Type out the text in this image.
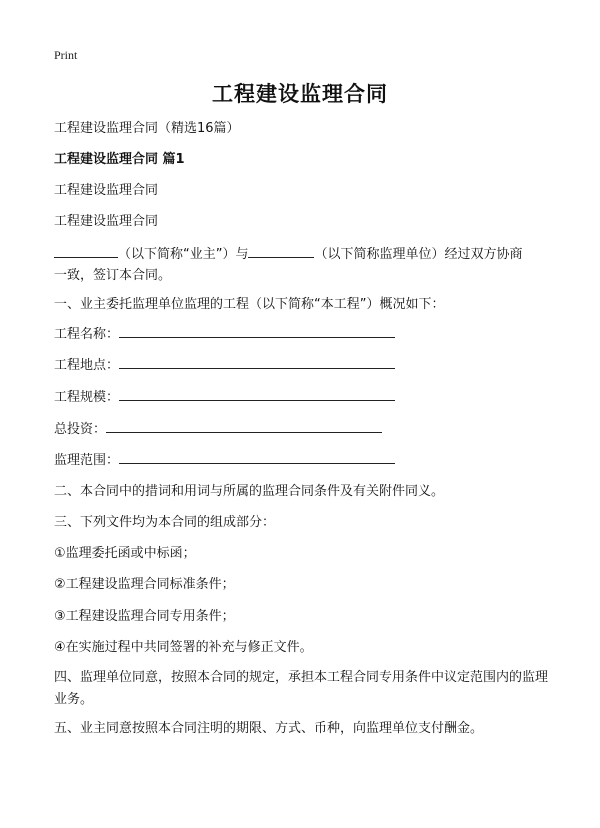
Print
工程建设监理合同
工程建设监理合同（精选16篇）
工程建设监理合同 篇1
工程建设监理合同
工程建设监理合同
（以下简称“业主”）与	（以下简称监理单位）经过双方协商
一致，签订本合同。
一、业主委托监理单位监理的工程（以下简称“本工程”）概况如下：
工程名称：
工程地点：
工程规模：
总投资：
监理范围：
二、本合同中的措词和用词与所属的监理合同条件及有关附件同义。
三、下列文件均为本合同的组成部分：
①监理委托函或中标函；
②工程建设监理合同标准条件；
③工程建设监理合同专用条件；
④在实施过程中共同签署的补充与修正文件。
四、监理单位同意，按照本合同的规定，承担本工程合同专用条件中议定范围内的监理业务。
五、业主同意按照本合同注明的期限、方式、币种，向监理单位支付酬金。
